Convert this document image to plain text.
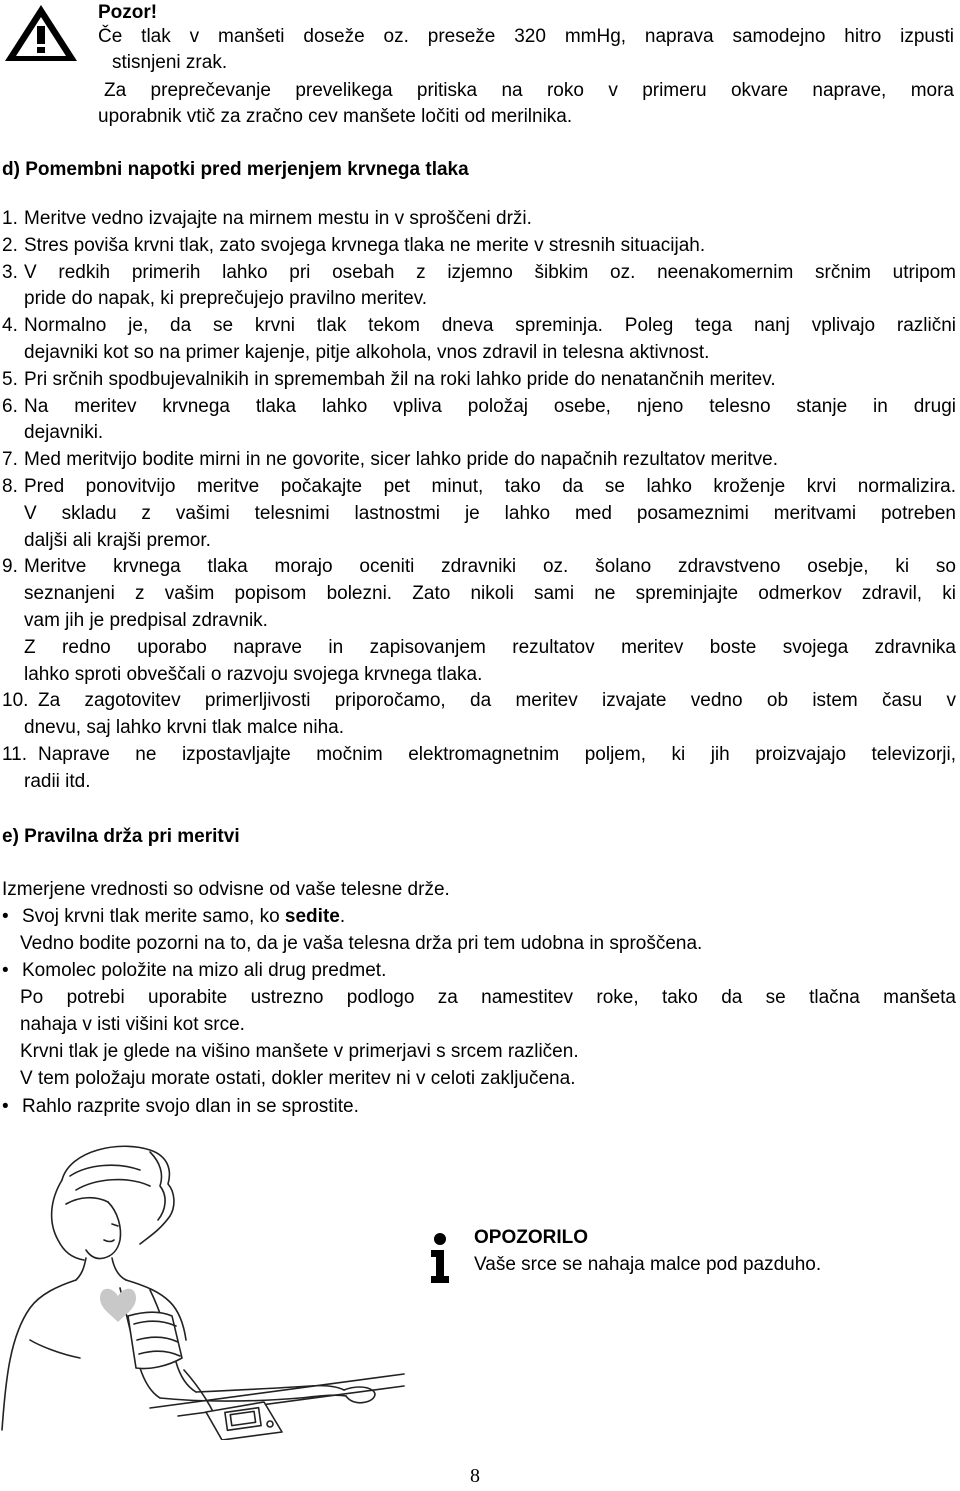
Pozor!
Če tlak v manšeti doseže oz. preseže 320 mmHg, naprava samodejno hitro izpusti
stisnjeni zrak.
Za preprečevanje prevelikega pritiska na roko v primeru okvare naprave, mora
uporabnik vtič za zračno cev manšete ločiti od merilnika.
d) Pomembni napotki pred merjenjem krvnega tlaka
1. Meritve vedno izvajajte na mirnem mestu in v sproščeni drži.
2. Stres poviša krvni tlak, zato svojega krvnega tlaka ne merite v stresnih situacijah.
3. V redkih primerih lahko pri osebah z izjemno šibkim oz. neenakomernim srčnim utripom
pride do napak, ki preprečujejo pravilno meritev.
4. Normalno je, da se krvni tlak tekom dneva spreminja. Poleg tega nanj vplivajo različni
dejavniki kot so na primer kajenje, pitje alkohola, vnos zdravil in telesna aktivnost.
5. Pri srčnih spodbujevalnikih in spremembah žil na roki lahko pride do nenatančnih meritev.
6. Na meritev krvnega tlaka lahko vpliva položaj osebe, njeno telesno stanje in drugi
dejavniki.
7. Med meritvijo bodite mirni in ne govorite, sicer lahko pride do napačnih rezultatov meritve.
8. Pred ponovitvijo meritve počakajte pet minut, tako da se lahko kroženje krvi normalizira.
V skladu z vašimi telesnimi lastnostmi je lahko med posameznimi meritvami potreben
daljši ali krajši premor.
9. Meritve krvnega tlaka morajo oceniti zdravniki oz. šolano zdravstveno osebje, ki so
seznanjeni z vašim popisom bolezni. Zato nikoli sami ne spreminjajte odmerkov zdravil, ki
vam jih je predpisal zdravnik.
Z redno uporabo naprave in zapisovanjem rezultatov meritev boste svojega zdravnika
lahko sproti obveščali o razvoju svojega krvnega tlaka.
10. Za zagotovitev primerljivosti priporočamo, da meritev izvajate vedno ob istem času v
dnevu, saj lahko krvni tlak malce niha.
11. Naprave ne izpostavljajte močnim elektromagnetnim poljem, ki jih proizvajajo televizorji,
radii itd.
e) Pravilna drža pri meritvi
Izmerjene vrednosti so odvisne od vaše telesne drže.
• Svoj krvni tlak merite samo, ko sedite.
Vedno bodite pozorni na to, da je vaša telesna drža pri tem udobna in sproščena.
• Komolec položite na mizo ali drug predmet.
Po potrebi uporabite ustrezno podlogo za namestitev roke, tako da se tlačna manšeta
nahaja v isti višini kot srce.
Krvni tlak je glede na višino manšete v primerjavi s srcem različen.
V tem položaju morate ostati, dokler meritev ni v celoti zaključena.
• Rahlo razprite svojo dlan in se sprostite.
OPOZORILO
Vaše srce se nahaja malce pod pazduho.
8
